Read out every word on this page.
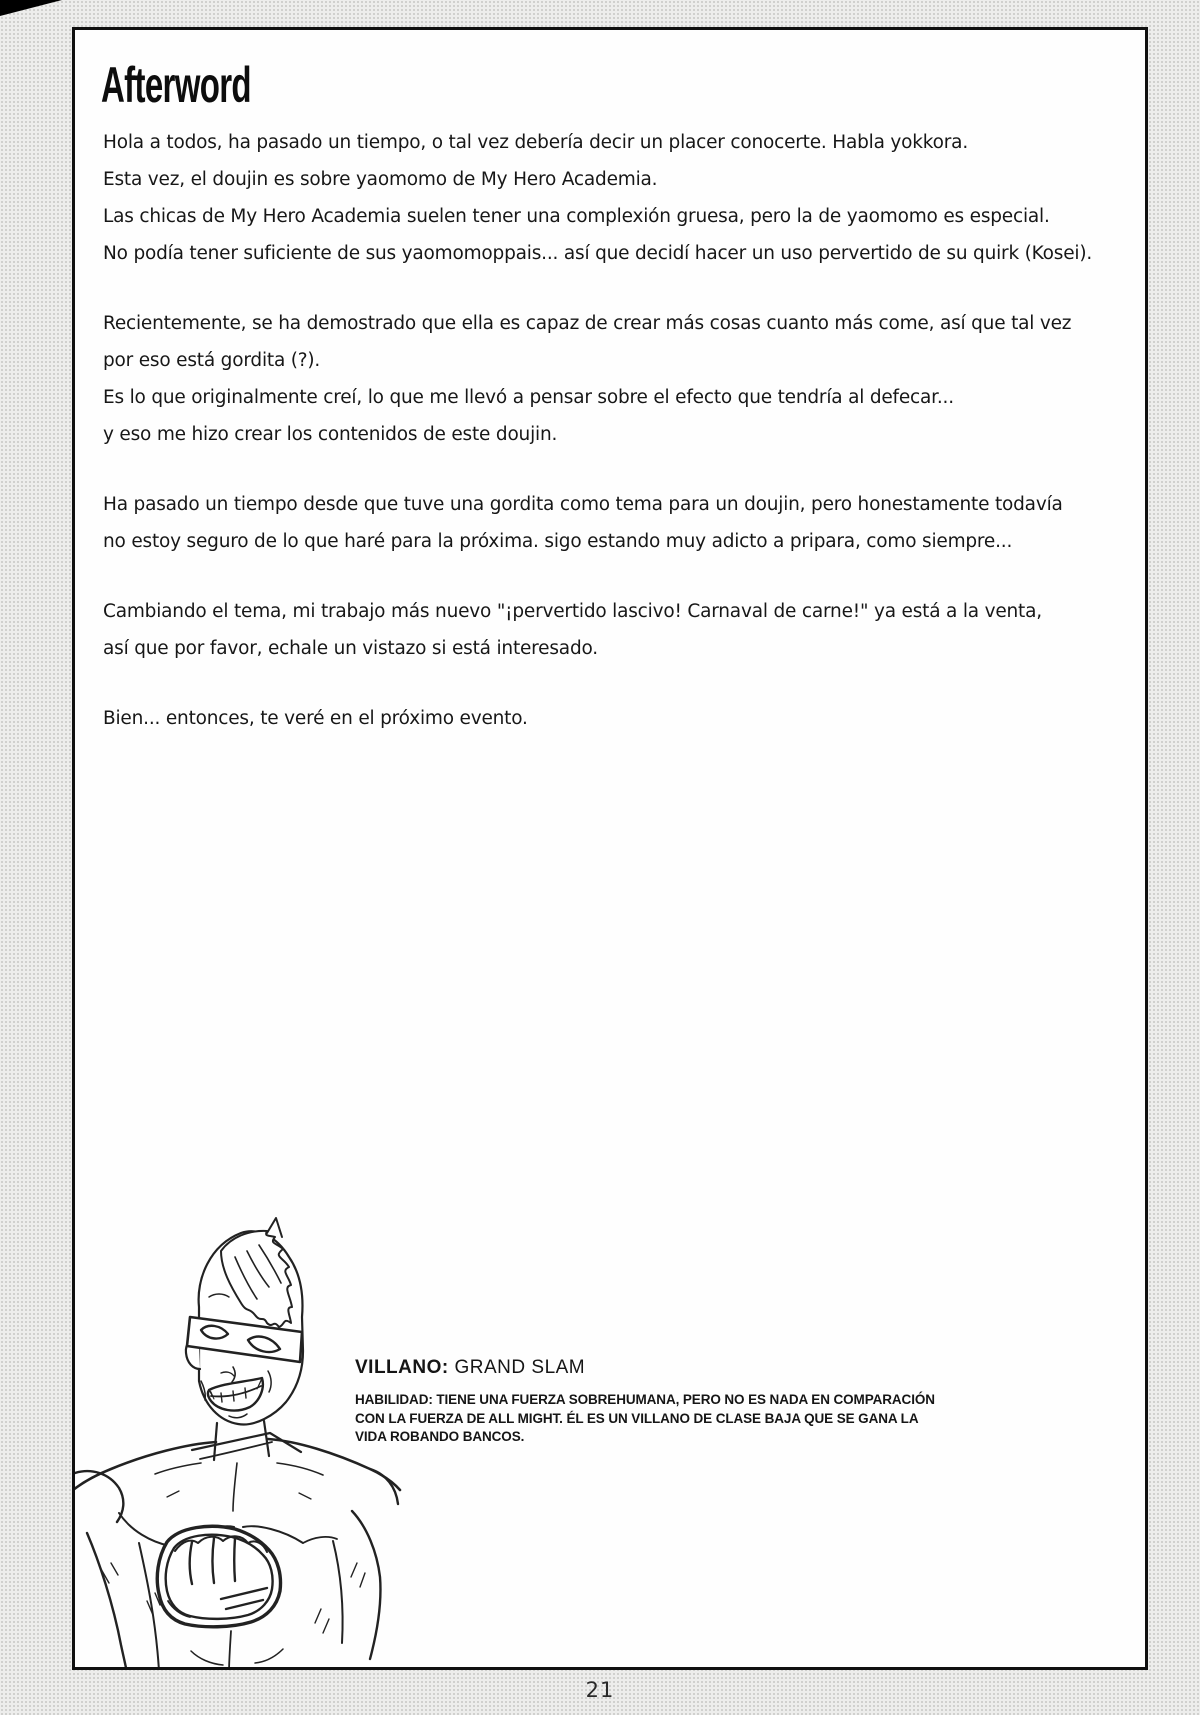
Afterword

Hola a todos, ha pasado un tiempo, o tal vez debería decir un placer conocerte. Habla yokkora.
Esta vez, el doujin es sobre yaomomo de My Hero Academia.
Las chicas de My Hero Academia suelen tener una complexión gruesa, pero la de yaomomo es especial.
No podía tener suficiente de sus yaomomoppais... así que decidí hacer un uso pervertido de su quirk (Kosei).

Recientemente, se ha demostrado que ella es capaz de crear más cosas cuanto más come, así que tal vez
por eso está gordita (?).
Es lo que originalmente creí, lo que me llevó a pensar sobre el efecto que tendría al defecar...
y eso me hizo crear los contenidos de este doujin.

Ha pasado un tiempo desde que tuve una gordita como tema para un doujin, pero honestamente todavía
no estoy seguro de lo que haré para la próxima. sigo estando muy adicto a pripara, como siempre...

Cambiando el tema, mi trabajo más nuevo "¡pervertido lascivo! Carnaval de carne!" ya está a la venta,
así que por favor, echale un vistazo si está interesado.

Bien... entonces, te veré en el próximo evento.

VILLANO: GRAND SLAM
HABILIDAD: TIENE UNA FUERZA SOBREHUMANA, PERO NO ES NADA EN COMPARACIÓN
CON LA FUERZA DE ALL MIGHT. ÉL ES UN VILLANO DE CLASE BAJA QUE SE GANA LA
VIDA ROBANDO BANCOS.
21
